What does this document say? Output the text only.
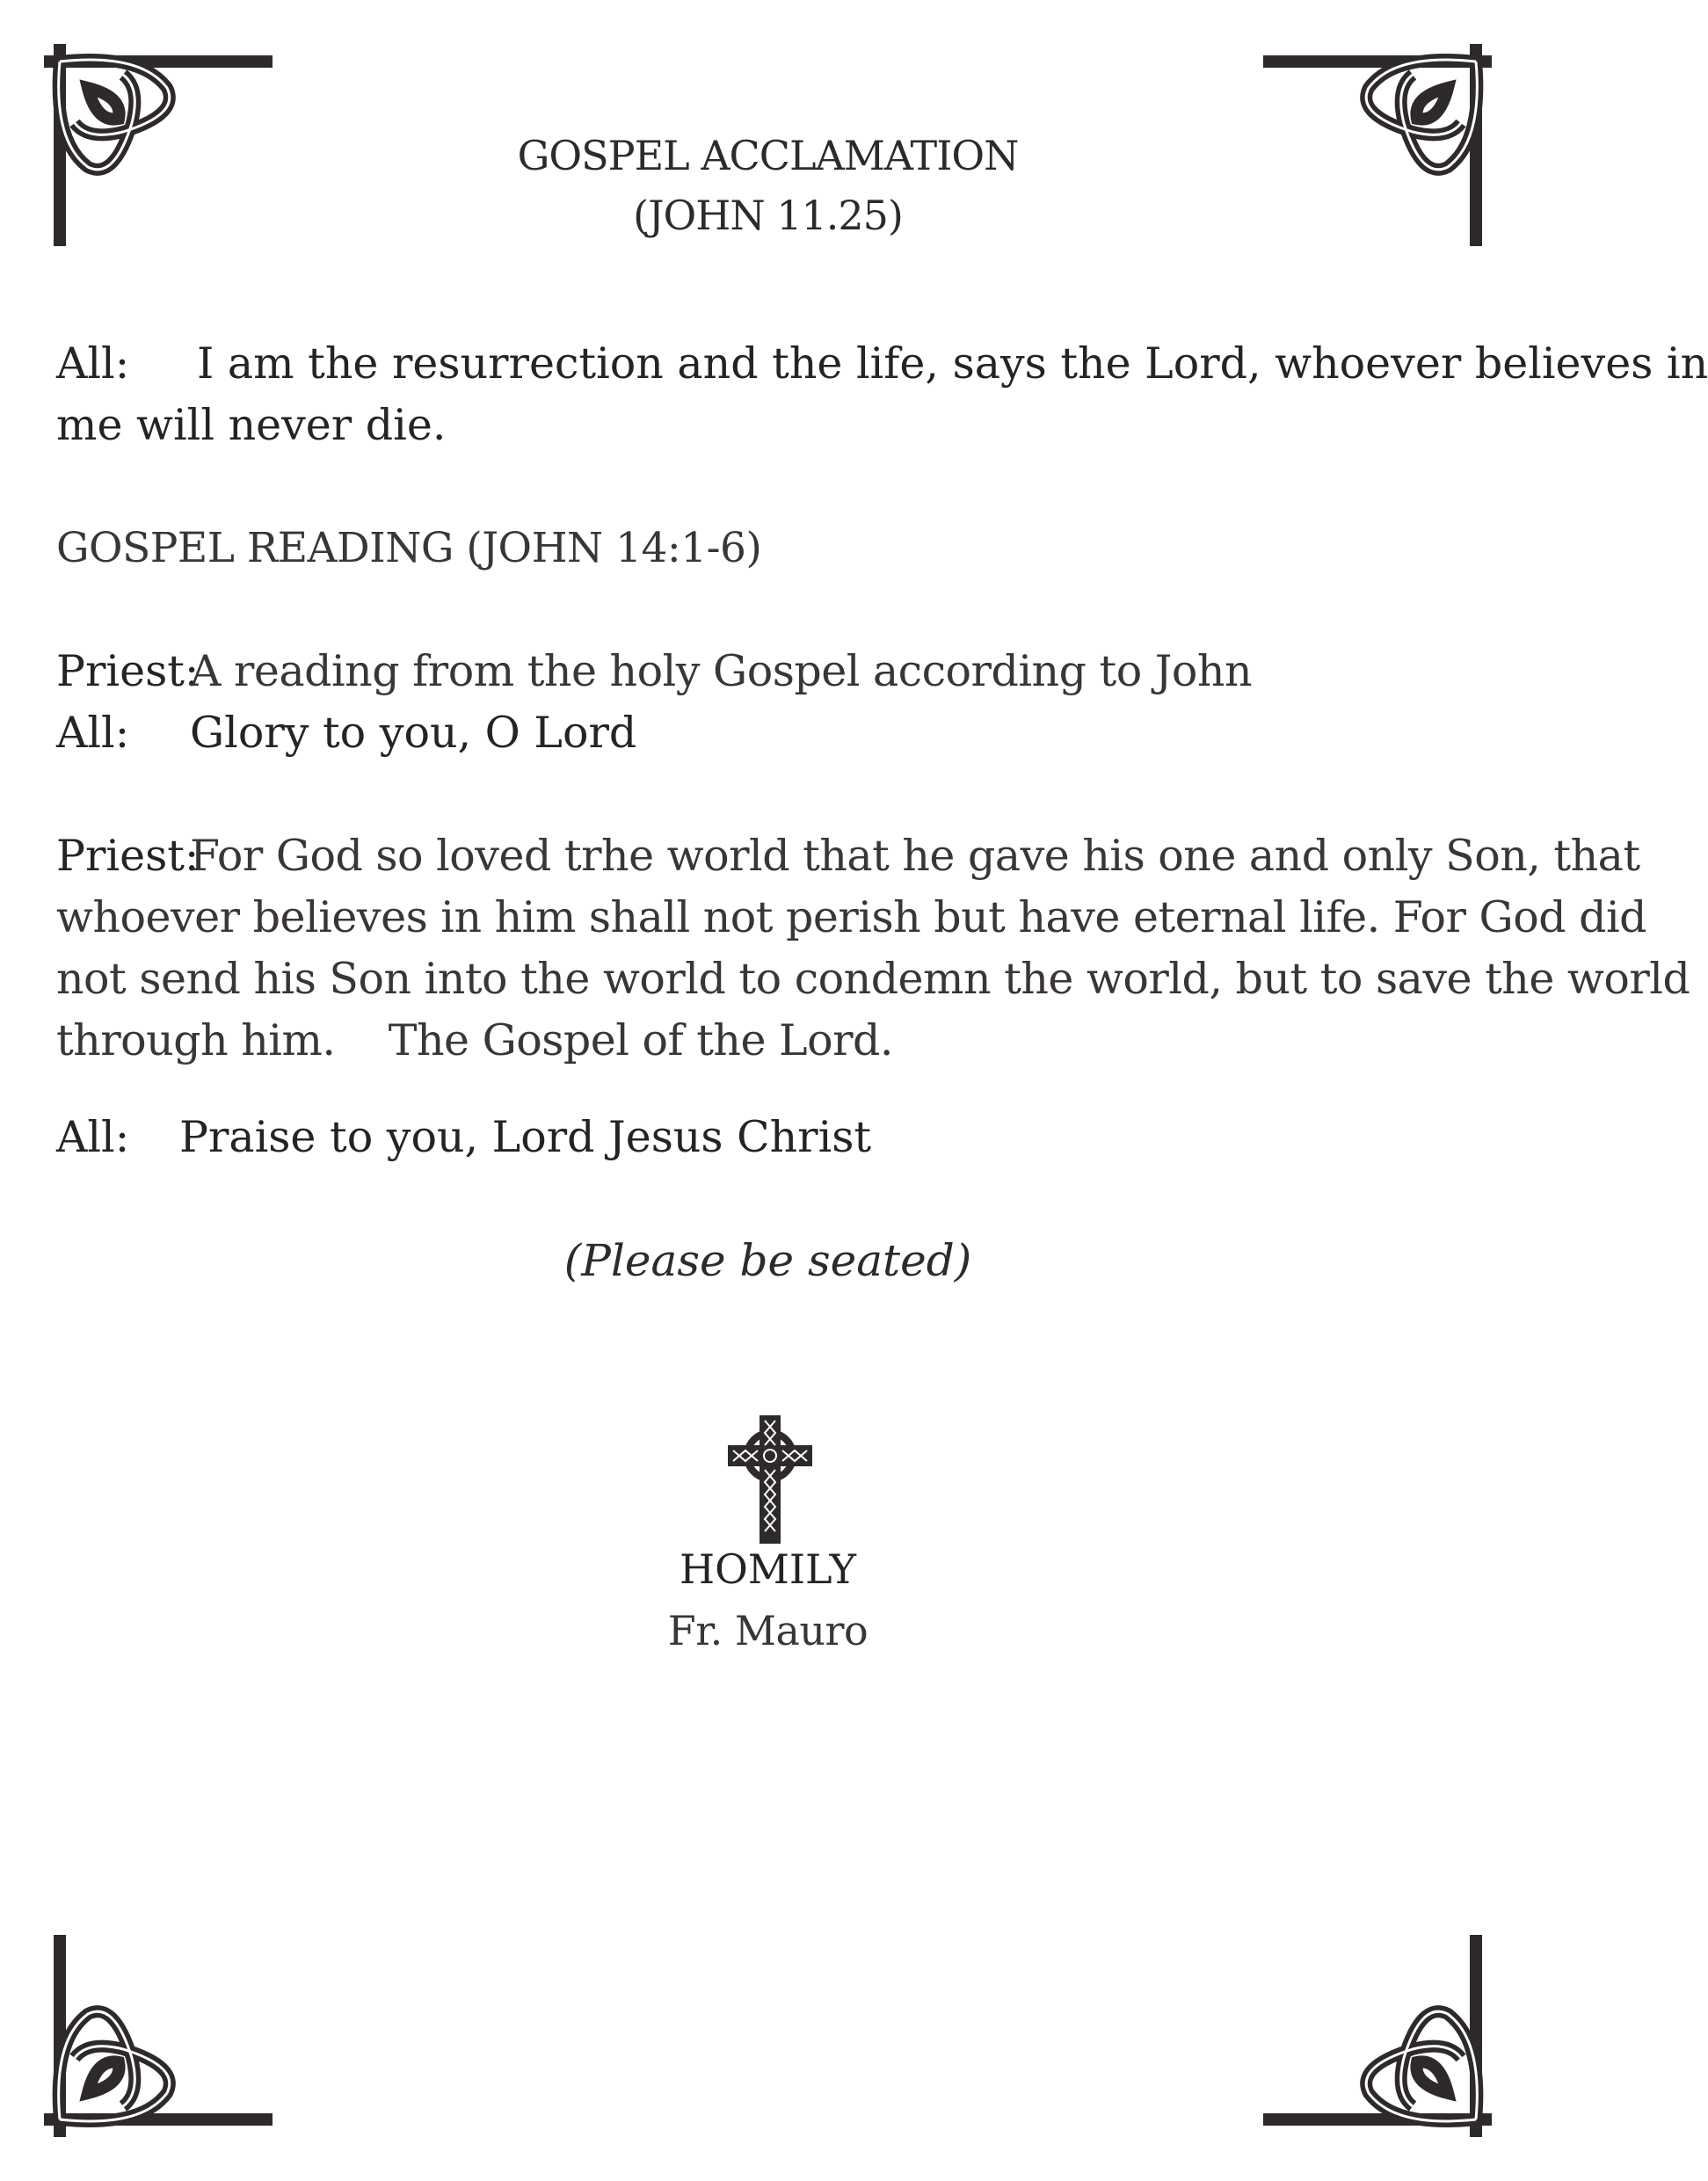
GOSPEL ACCLAMATION
(JOHN 11.25)
All: I am the resurrection and the life, says the Lord, whoever believes in
me will never die.
GOSPEL READING (JOHN 14:1-6)
Priest:A reading from the holy Gospel according to John
All: Glory to you, O Lord
Priest:For God so loved trhe world that he gave his one and only Son, that
whoever believes in him shall not perish but have eternal life. For God did
not send his Son into the world to condemn the world, but to save the world
through him.    The Gospel of the Lord.
All: Praise to you, Lord Jesus Christ
(Please be seated)
HOMILY
Fr. Mauro
